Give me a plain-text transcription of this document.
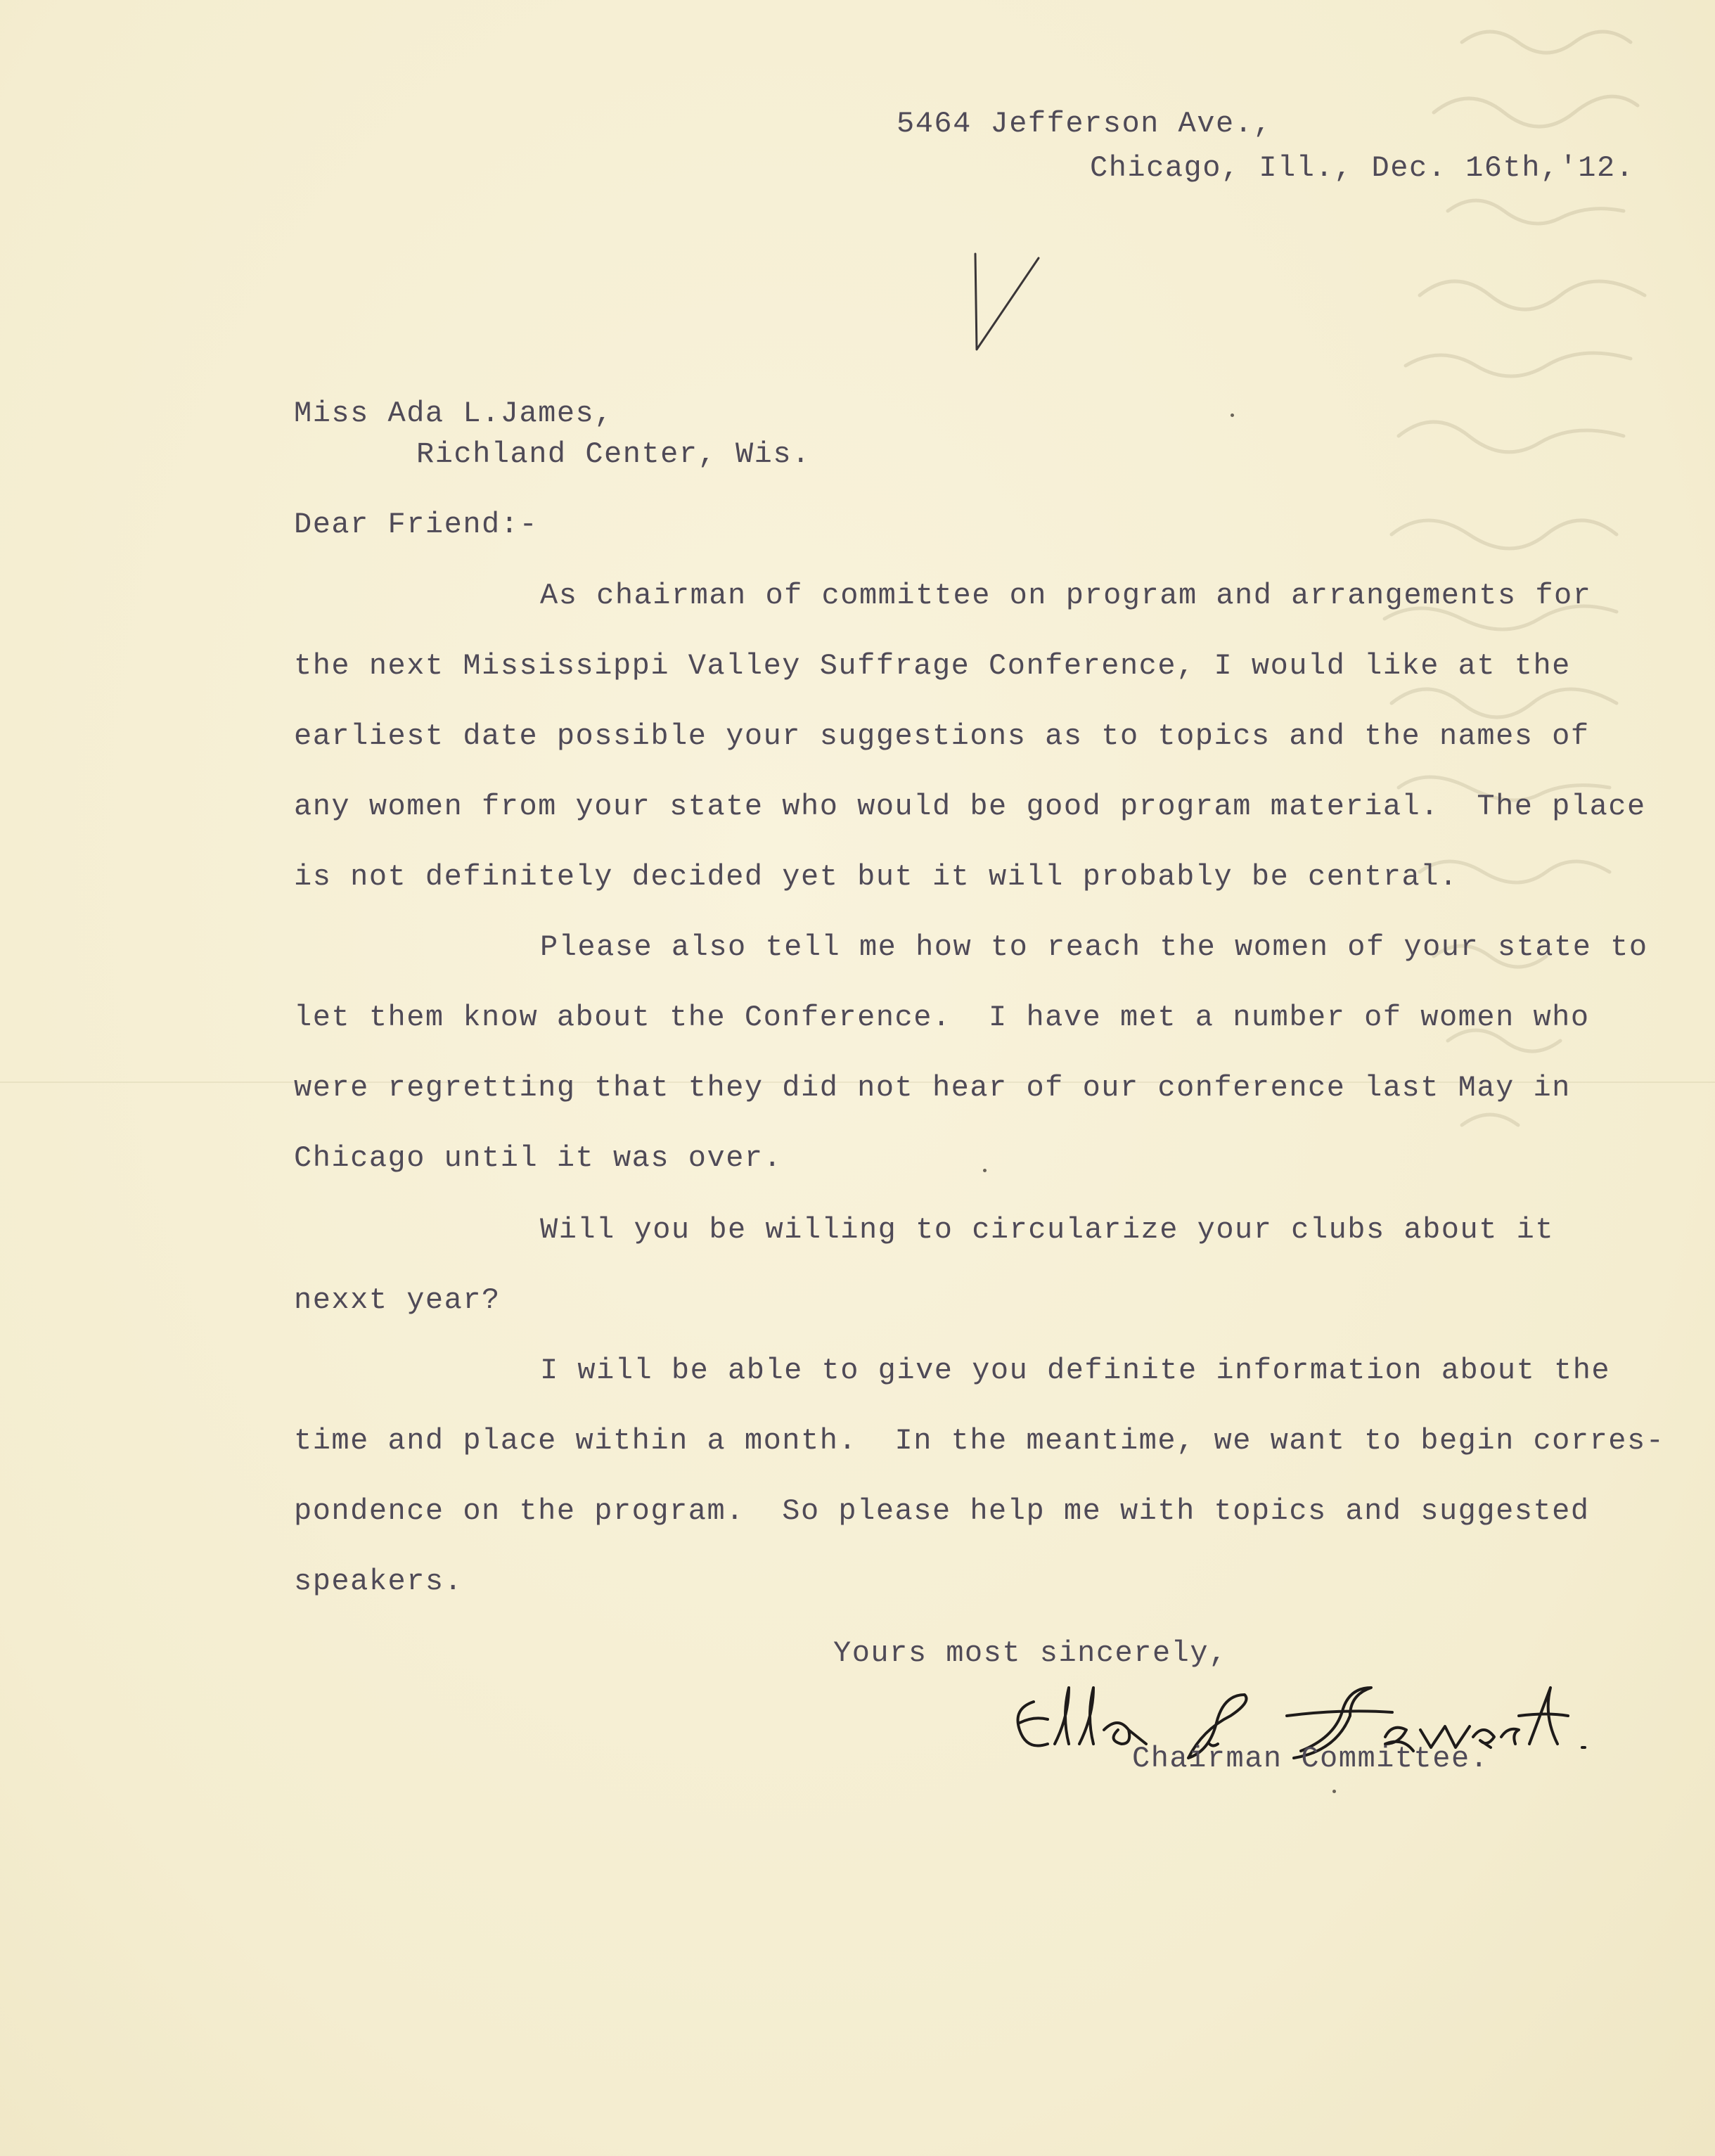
5464 Jefferson Ave.,
Chicago, Ill., Dec. 16th,'12.
Miss Ada L.James,
Richland Center, Wis.
Dear Friend:-
As chairman of committee on program and arrangements for
the next Mississippi Valley Suffrage Conference, I would like at the
earliest date possible your suggestions as to topics and the names of
any women from your state who would be good program material.  The place
is not definitely decided yet but it will probably be central.
Please also tell me how to reach the women of your state to
let them know about the Conference.  I have met a number of women who
were regretting that they did not hear of our conference last May in
Chicago until it was over.
Will you be willing to circularize your clubs about it
nexxt year?
I will be able to give you definite information about the
time and place within a month.  In the meantime, we want to begin corres-
pondence on the program.  So please help me with topics and suggested
speakers.
Yours most sincerely,
Chairman Committee.
